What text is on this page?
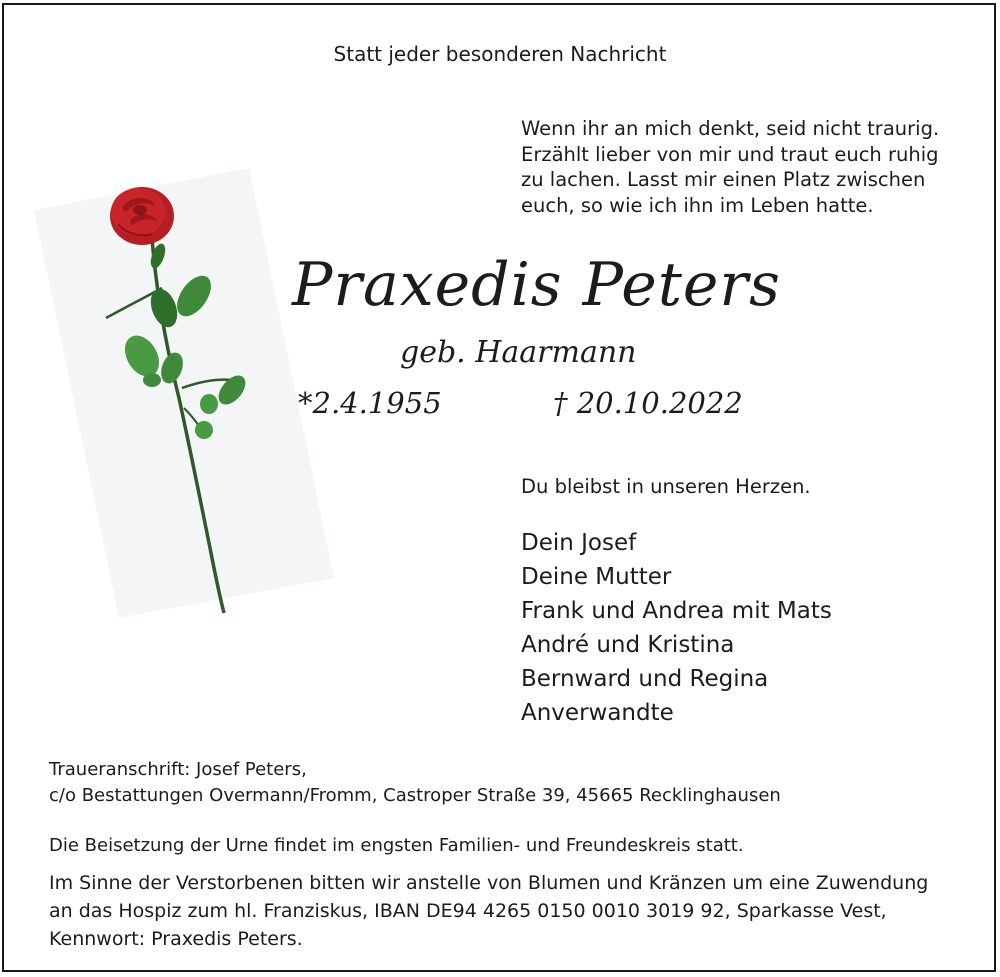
Statt jeder besonderen Nachricht
Wenn ihr an mich denkt, seid nicht traurig.
Erzählt lieber von mir und traut euch ruhig
zu lachen. Lasst mir einen Platz zwischen
euch, so wie ich ihn im Leben hatte.
Praxedis Peters
geb. Haarmann
*2.4.1955	† 20.10.2022
Du bleibst in unseren Herzen.
Dein Josef
Deine Mutter
Frank und Andrea mit Mats
André und Kristina
Bernward und Regina
Anverwandte
Traueranschrift: Josef Peters,
c/o Bestattungen Overmann/Fromm, Castroper Straße 39, 45665 Recklinghausen
Die Beisetzung der Urne findet im engsten Familien- und Freundeskreis statt.
Im Sinne der Verstorbenen bitten wir anstelle von Blumen und Kränzen um eine Zuwendung
an das Hospiz zum hl. Franziskus, IBAN DE94 4265 0150 0010 3019 92, Sparkasse Vest,
Kennwort: Praxedis Peters.
